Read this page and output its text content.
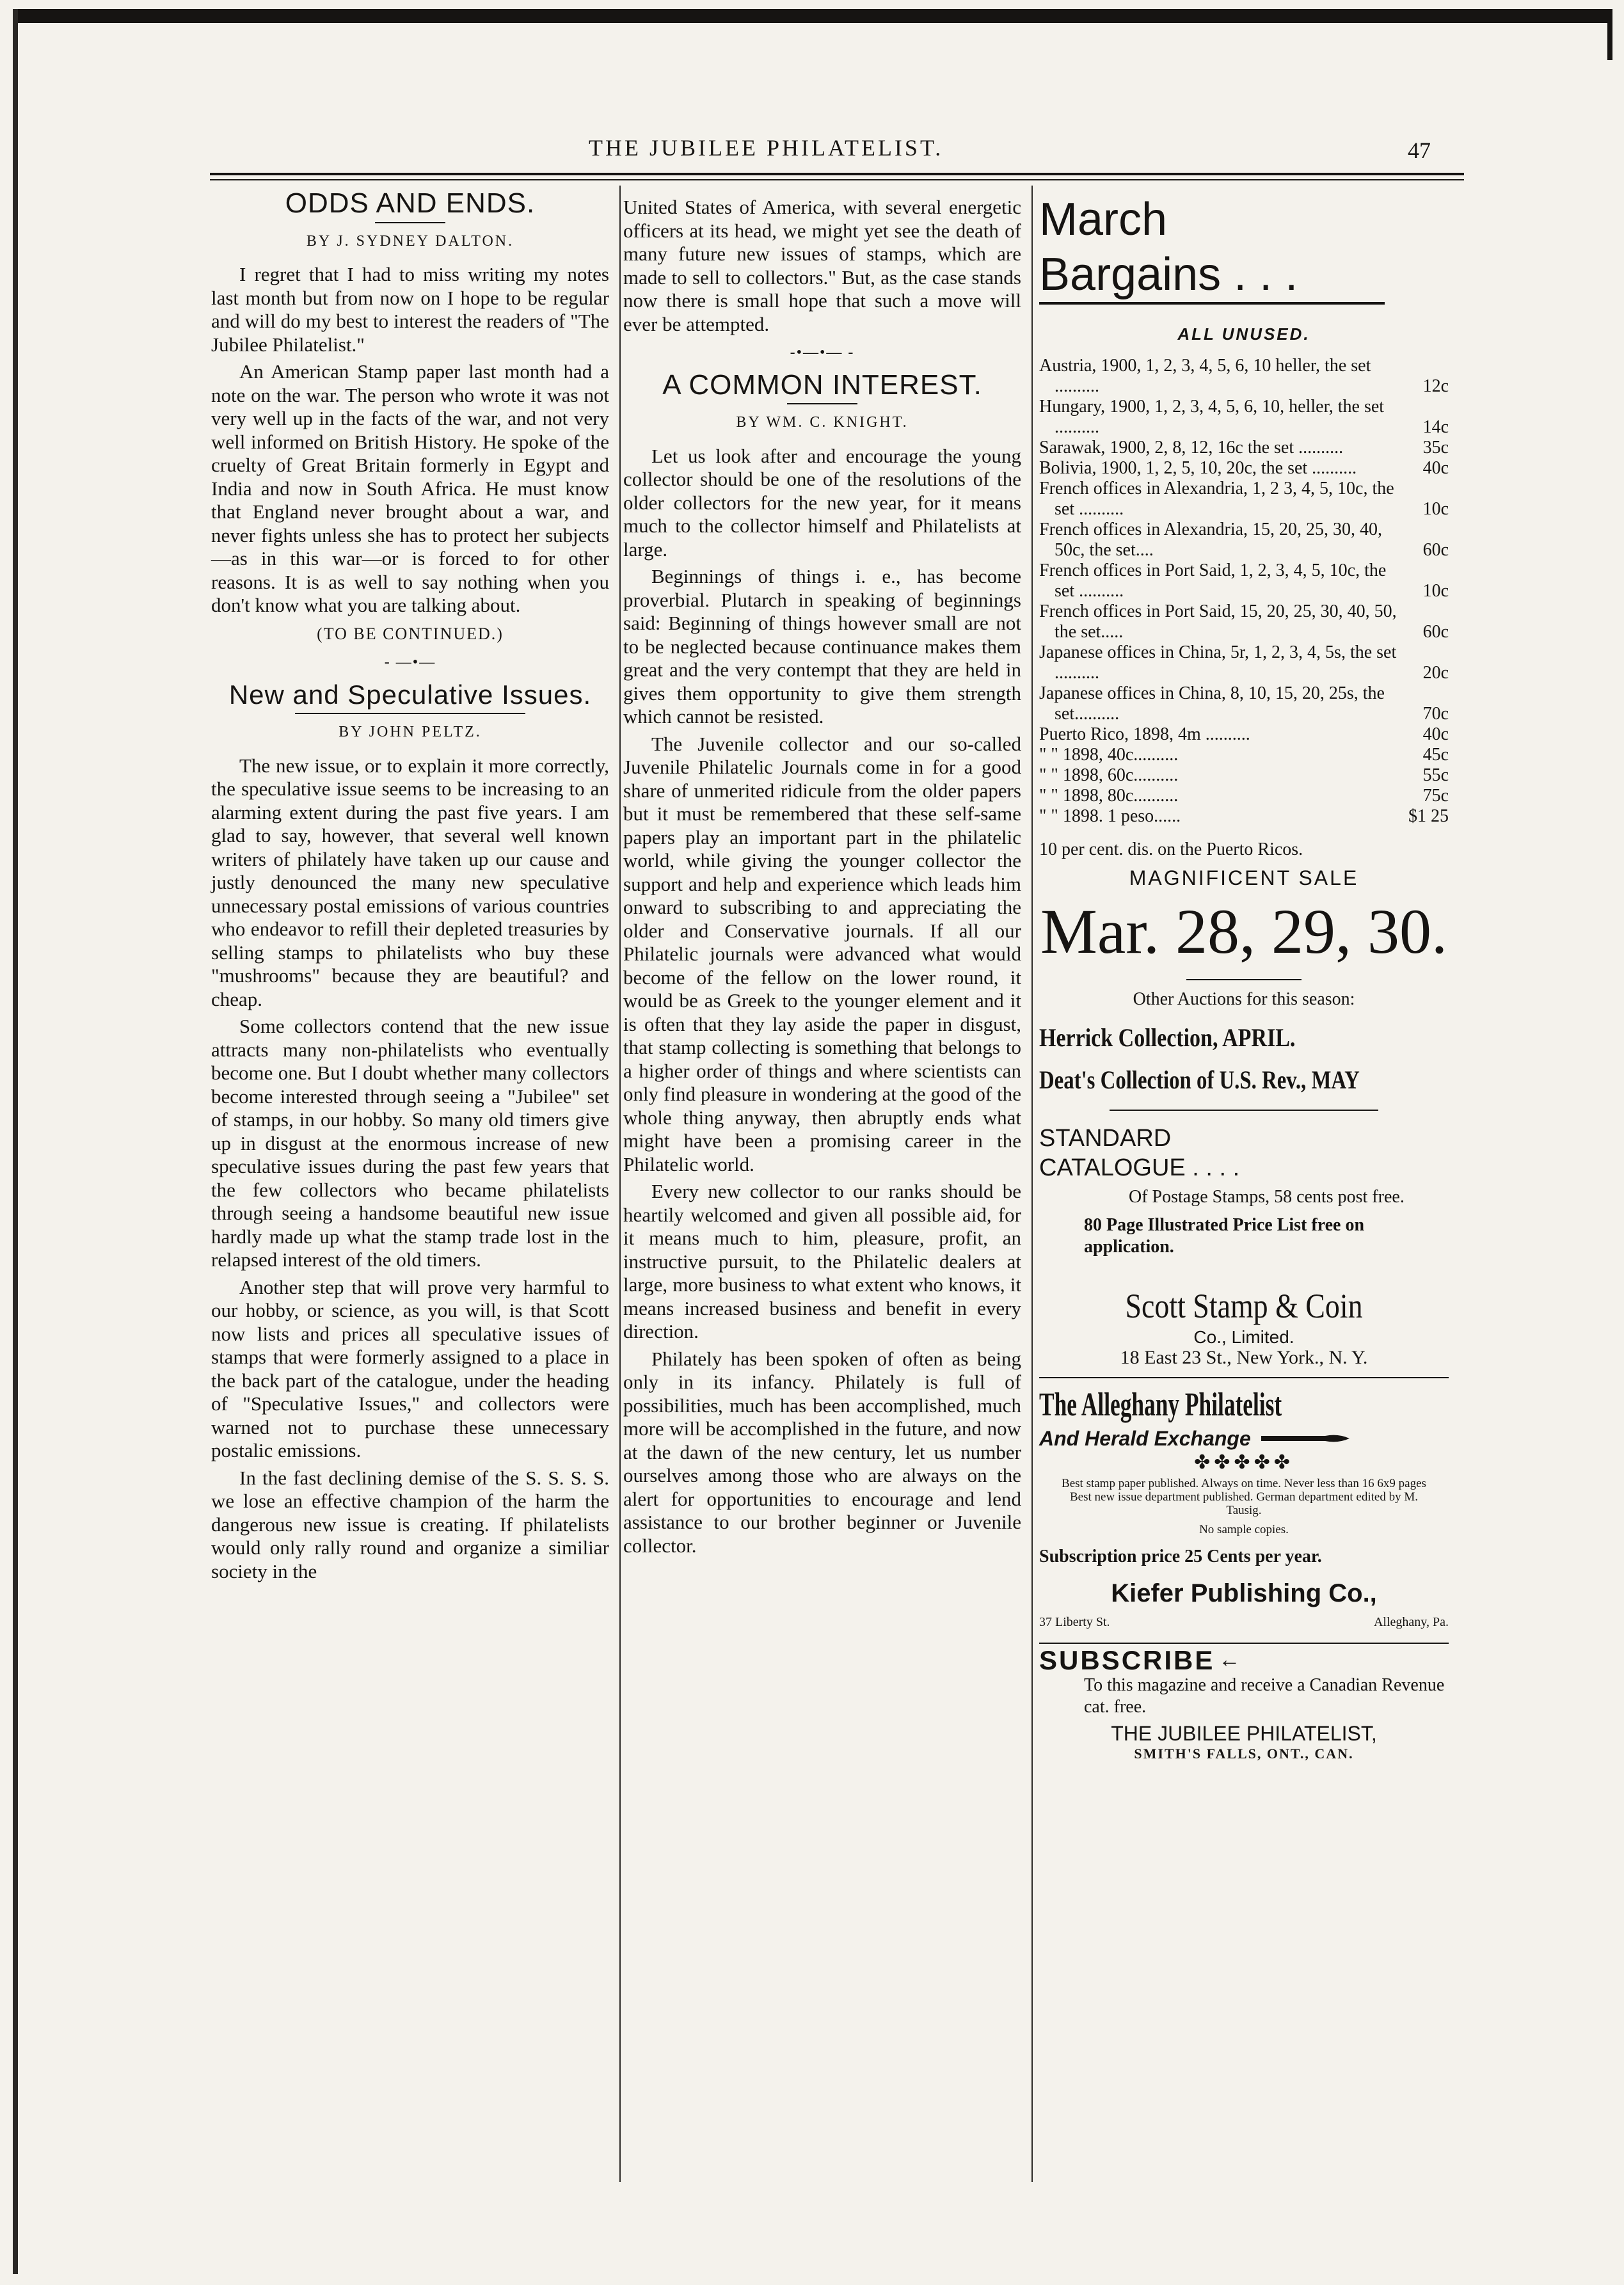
THE JUBILEE PHILATELIST.	47
ODDS AND ENDS.
BY J. SYDNEY DALTON.

I regret that I had to miss writing my notes last month but from now on I hope to be regular and will do my best to interest the readers of "The Jubilee Philatelist."

An American Stamp paper last month had a note on the war. The person who wrote it was not very well up in the facts of the war, and not very well informed on British History. He spoke of the cruelty of Great Britain formerly in Egypt and India and now in South Africa. He must know that England never brought about a war, and never fights unless she has to protect her subjects—as in this war—or is forced to for other reasons. It is as well to say nothing when you don't know what you are talking about.

(TO BE CONTINUED.)
- —•—
New and Speculative Issues.
BY JOHN PELTZ.

The new issue, or to explain it more correctly, the speculative issue seems to be increasing to an alarming extent during the past five years. I am glad to say, however, that several well known writers of philately have taken up our cause and justly denounced the many new speculative unnecessary postal emissions of various countries who endeavor to refill their depleted treasuries by selling stamps to philatelists who buy these "mushrooms" because they are beautiful? and cheap.

Some collectors contend that the new issue attracts many non-philatelists who eventually become one. But I doubt whether many collectors become interested through seeing a "Jubilee" set of stamps, in our hobby. So many old timers give up in disgust at the enormous increase of new speculative issues during the past few years that the few collectors who became philatelists through seeing a handsome beautiful new issue hardly made up what the stamp trade lost in the relapsed interest of the old timers.

Another step that will prove very harmful to our hobby, or science, as you will, is that Scott now lists and prices all speculative issues of stamps that were formerly assigned to a place in the back part of the catalogue, under the heading of "Speculative Issues," and collectors were warned not to purchase these unnecessary postalic emissions.

In the fast declining demise of the S. S. S. S. we lose an effective champion of the harm the dangerous new issue is creating. If philatelists would only rally round and organize a similiar society in the

United States of America, with several energetic officers at its head, we might yet see the death of many future new issues of stamps, which are made to sell to collectors." But, as the case stands now there is small hope that such a move will ever be attempted.

-•—•— -
A COMMON INTEREST.
BY WM. C. KNIGHT.

Let us look after and encourage the young collector should be one of the resolutions of the older collectors for the new year, for it means much to the collector himself and Philatelists at large.

Beginnings of things i. e., has become proverbial. Plutarch in speaking of beginnings said: Beginning of things however small are not to be neglected because continuance makes them great and the very contempt that they are held in gives them opportunity to give them strength which cannot be resisted.

The Juvenile collector and our so-called Juvenile Philatelic Journals come in for a good share of unmerited ridicule from the older papers but it must be remembered that these self-same papers play an important part in the philatelic world, while giving the younger collector the support and help and experience which leads him onward to subscribing to and appreciating the older and Conservative journals. If all our Philatelic journals were advanced what would become of the fellow on the lower round, it would be as Greek to the younger element and it is often that they lay aside the paper in disgust, that stamp collecting is something that belongs to a higher order of things and where scientists can only find pleasure in wondering at the good of the whole thing anyway, then abruptly ends what might have been a promising career in the Philatelic world.

Every new collector to our ranks should be heartily welcomed and given all possible aid, for it means much to him, pleasure, profit, an instructive pursuit, to the Philatelic dealers at large, more business to what extent who knows, it means increased business and benefit in every direction.

Philately has been spoken of often as being only in its infancy. Philately is full of possibilities, much has been accomplished, much more will be accomplished in the future, and now at the dawn of the new century, let us number ourselves among those who are always on the alert for opportunities to encourage and lend assistance to our brother beginner or Juvenile collector.

March
Bargains . . .
ALL UNUSED.
Austria, 1900, 1, 2, 3, 4, 5, 6, 10 heller, the set ..........	12c
Hungary, 1900, 1, 2, 3, 4, 5, 6, 10, heller, the set ..........	14c
Sarawak, 1900, 2, 8, 12, 16c the set ..........	35c
Bolivia, 1900, 1, 2, 5, 10, 20c, the set ..........	40c
French offices in Alexandria, 1, 2 3, 4, 5, 10c, the set ..........	10c
French offices in Alexandria, 15, 20, 25, 30, 40, 50c, the set....	60c
French offices in Port Said, 1, 2, 3, 4, 5, 10c, the set ..........	10c
French offices in Port Said, 15, 20, 25, 30, 40, 50, the set.....	60c
Japanese offices in China, 5r, 1, 2, 3, 4, 5s, the set ..........	20c
Japanese offices in China, 8, 10, 15, 20, 25s, the set..........	70c
Puerto Rico, 1898, 4m ..........	40c
" " 1898, 40c..........	45c
" " 1898, 60c..........	55c
" " 1898, 80c..........	75c
" " 1898. 1 peso......	$1 25
10 per cent. dis. on the Puerto Ricos.
MAGNIFICENT SALE
Mar. 28, 29, 30.
Other Auctions for this season:
Herrick Collection, APRIL.
Deat's Collection of U.S. Rev., MAY
STANDARD
CATALOGUE . . . .
Of Postage Stamps, 58 cents post free.
80 Page Illustrated Price List free on application.
Scott Stamp & Coin
Co., Limited.
18 East 23 St., New York., N. Y.
The Alleghany Philatelist
And Herald Exchange
✤✤✤✤✤
Best stamp paper published. Always on time. Never less than 16 6x9 pages Best new issue department published. German department edited by M. Tausig.
No sample copies.
Subscription price 25 Cents per year.
Kiefer Publishing Co.,
37 Liberty St.	Alleghany, Pa.
SUBSCRIBE ←
To this magazine and receive a Canadian Revenue cat. free.
THE JUBILEE PHILATELIST,
SMITH'S FALLS, ONT., CAN.
